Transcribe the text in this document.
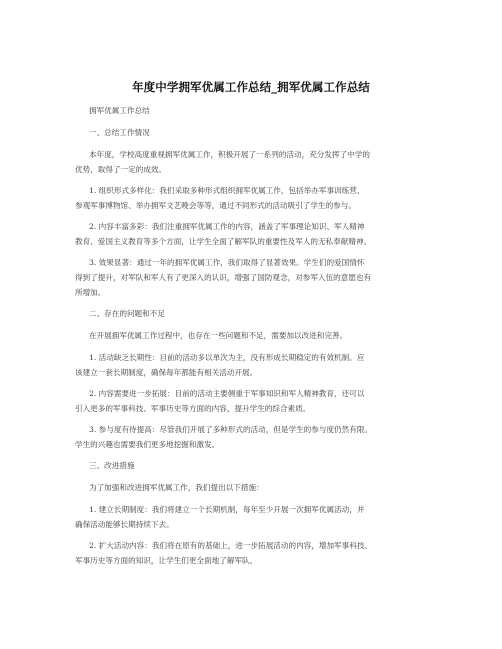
年度中学拥军优属工作总结_拥军优属工作总结
拥军优属工作总结
一、总结工作情况
本年度，学校高度重视拥军优属工作，积极开展了一系列的活动，充分发挥了中学的
优势，取得了一定的成效。
1. 组织形式多样化：我们采取多种形式组织拥军优属工作，包括举办军事训练营、
参观军事博物馆、举办拥军文艺晚会等等，通过不同形式的活动吸引了学生的参与。
2. 内容丰富多彩：我们注重拥军优属工作的内容，涵盖了军事理论知识、军人精神
教育、爱国主义教育等多个方面，让学生全面了解军队的重要性及军人的无私奉献精神。
3. 效果显著：通过一年的拥军优属工作，我们取得了显著效果。学生们的爱国情怀
得到了提升，对军队和军人有了更深入的认识，增强了国防观念，对参军入伍的意愿也有
所增加。
二、存在的问题和不足
在开展拥军优属工作过程中，也存在一些问题和不足，需要加以改进和完善。
1. 活动缺乏长期性：目前的活动多以单次为主，没有形成长期稳定的有效机制。应
该建立一套长期制度，确保每年都能有相关活动开展。
2. 内容需要进一步拓展：目前的活动主要侧重于军事知识和军人精神教育，还可以
引入更多的军事科技、军事历史等方面的内容，提升学生的综合素质。
3. 参与度有待提高：尽管我们开展了多种形式的活动，但是学生的参与度仍然有限。
学生的兴趣也需要我们更多地挖掘和激发。
三、改进措施
为了加强和改进拥军优属工作，我们提出以下措施：
1. 建立长期制度：我们将建立一个长期机制，每年至少开展一次拥军优属活动，并
确保活动能够长期持续下去。
2. 扩大活动内容：我们将在原有的基础上，进一步拓展活动的内容，增加军事科技、
军事历史等方面的知识，让学生们更全面地了解军队。
